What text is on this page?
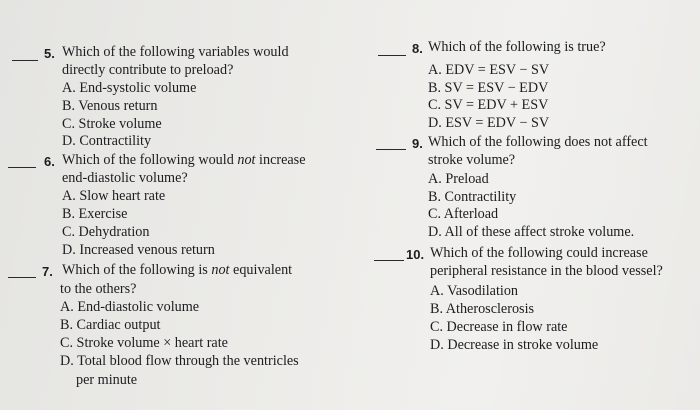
5. Which of the following variables would
directly contribute to preload?
A. End-systolic volume
B. Venous return
C. Stroke volume
D. Contractility
6. Which of the following would not increase
end-diastolic volume?
A. Slow heart rate
B. Exercise
C. Dehydration
D. Increased venous return
7. Which of the following is not equivalent
to the others?
A. End-diastolic volume
B. Cardiac output
C. Stroke volume × heart rate
D. Total blood flow through the ventricles
per minute
8. Which of the following is true?
A. EDV = ESV − SV
B. SV = ESV − EDV
C. SV = EDV + ESV
D. ESV = EDV − SV
9. Which of the following does not affect
stroke volume?
A. Preload
B. Contractility
C. Afterload
D. All of these affect stroke volume.
10. Which of the following could increase
peripheral resistance in the blood vessel?
A. Vasodilation
B. Atherosclerosis
C. Decrease in flow rate
D. Decrease in stroke volume
